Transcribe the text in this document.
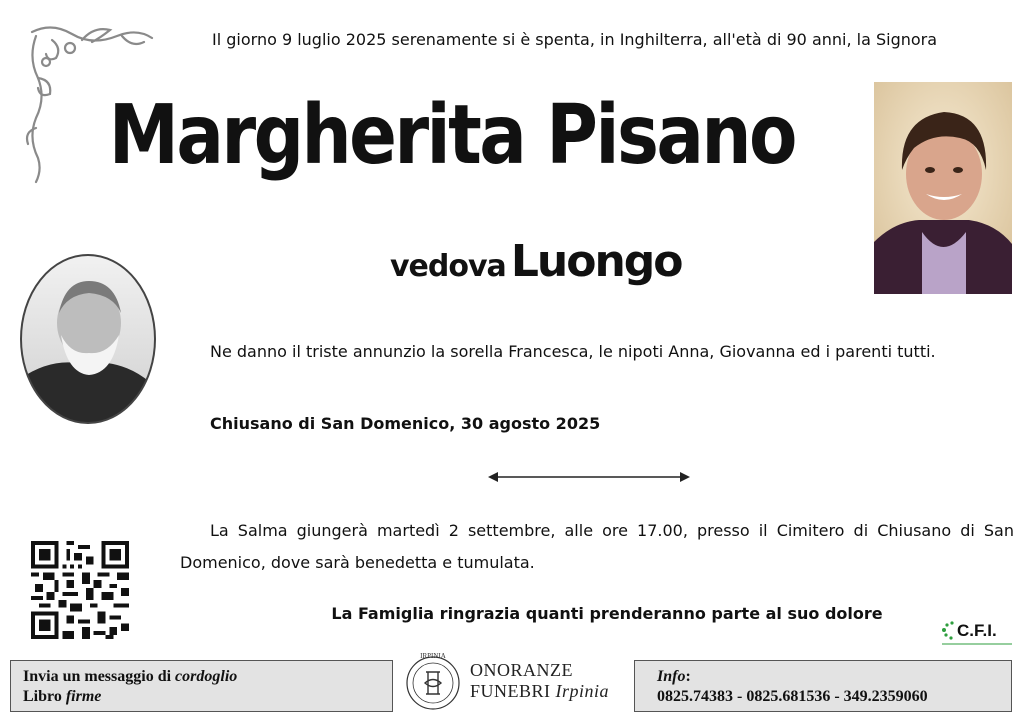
Il giorno 9 luglio 2025 serenamente si è spenta, in Inghilterra, all'età di 90 anni, la Signora
Margherita Pisano
vedova Luongo
Ne danno il triste annunzio la sorella Francesca, le nipoti Anna, Giovanna ed i parenti tutti.
Chiusano di San Domenico, 30 agosto 2025
La Salma giungerà martedì 2 settembre, alle ore 17.00, presso il Cimitero di Chiusano di San Domenico, dove sarà benedetta e tumulata.
La Famiglia ringrazia quanti prenderanno parte al suo dolore
C.F.I.
Invia un messaggio di cordoglio
Libro firme
IRPINIA
ONORANZE
FUNEBRI Irpinia
Info:
0825.74383 - 0825.681536 - 349.2359060
